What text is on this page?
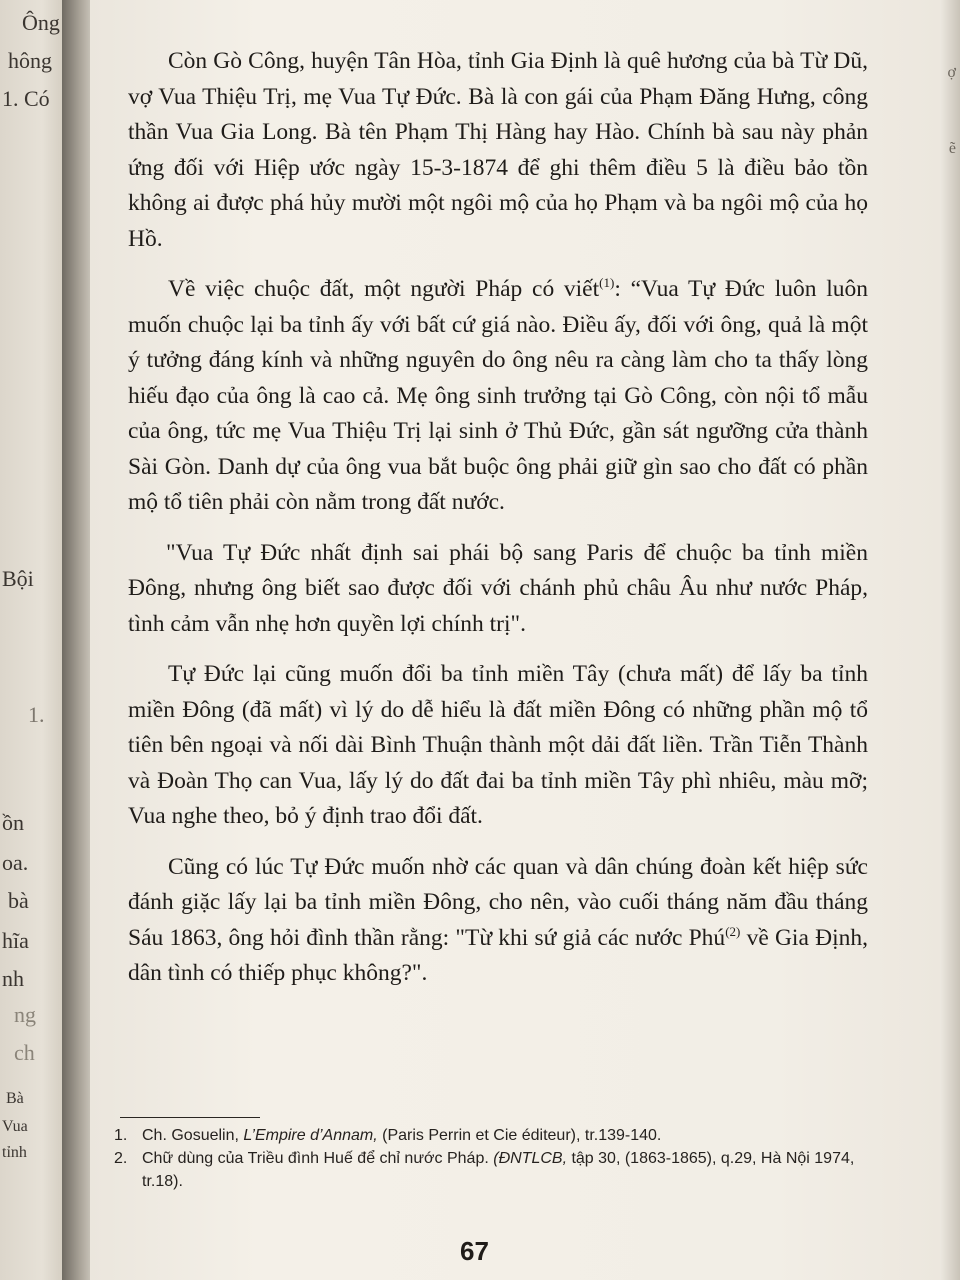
Ông
hông
1. Có
Bội
1.
ồn
oa.
bà
hĩa
nh
ng
ch
Bà
Vua
tỉnh

Còn Gò Công, huyện Tân Hòa, tỉnh Gia Định là quê hương của bà Từ Dũ, vợ Vua Thiệu Trị, mẹ Vua Tự Đức. Bà là con gái của Phạm Đăng Hưng, công thần Vua Gia Long. Bà tên Phạm Thị Hàng hay Hào. Chính bà sau này phản ứng đối với Hiệp ước ngày 15-3-1874 để ghi thêm điều 5 là điều bảo tồn không ai được phá hủy mười một ngôi mộ của họ Phạm và ba ngôi mộ của họ Hồ.

Về việc chuộc đất, một người Pháp có viết$^{(1)}$: “Vua Tự Đức luôn luôn muốn chuộc lại ba tỉnh ấy với bất cứ giá nào. Điều ấy, đối với ông, quả là một ý tưởng đáng kính và những nguyên do ông nêu ra càng làm cho ta thấy lòng hiếu đạo của ông là cao cả. Mẹ ông sinh trưởng tại Gò Công, còn nội tổ mẫu của ông, tức mẹ Vua Thiệu Trị lại sinh ở Thủ Đức, gần sát ngưỡng cửa thành Sài Gòn. Danh dự của ông vua bắt buộc ông phải giữ gìn sao cho đất có phần mộ tổ tiên phải còn nằm trong đất nước.

"Vua Tự Đức nhất định sai phái bộ sang Paris để chuộc ba tỉnh miền Đông, nhưng ông biết sao được đối với chánh phủ châu Âu như nước Pháp, tình cảm vẫn nhẹ hơn quyền lợi chính trị".

Tự Đức lại cũng muốn đổi ba tỉnh miền Tây (chưa mất) để lấy ba tỉnh miền Đông (đã mất) vì lý do dễ hiểu là đất miền Đông có những phần mộ tổ tiên bên ngoại và nối dài Bình Thuận thành một dải đất liền. Trần Tiễn Thành và Đoàn Thọ can Vua, lấy lý do đất đai ba tỉnh miền Tây phì nhiêu, màu mỡ; Vua nghe theo, bỏ ý định trao đổi đất.

Cũng có lúc Tự Đức muốn nhờ các quan và dân chúng đoàn kết hiệp sức đánh giặc lấy lại ba tỉnh miền Đông, cho nên, vào cuối tháng năm đầu tháng Sáu 1863, ông hỏi đình thần rằng: "Từ khi sứ giả các nước Phú$^{(2)}$ về Gia Định, dân tình có thiếp phục không?".

1. Ch. Gosuelin, L’Empire d’Annam, (Paris Perrin et Cie éditeur), tr.139-140.
2. Chữ dùng của Triều đình Huế để chỉ nước Pháp. (ĐNTLCB, tập 30, (1863-1865), q.29, Hà Nội 1974, tr.18).
67
ợ
ẽ
